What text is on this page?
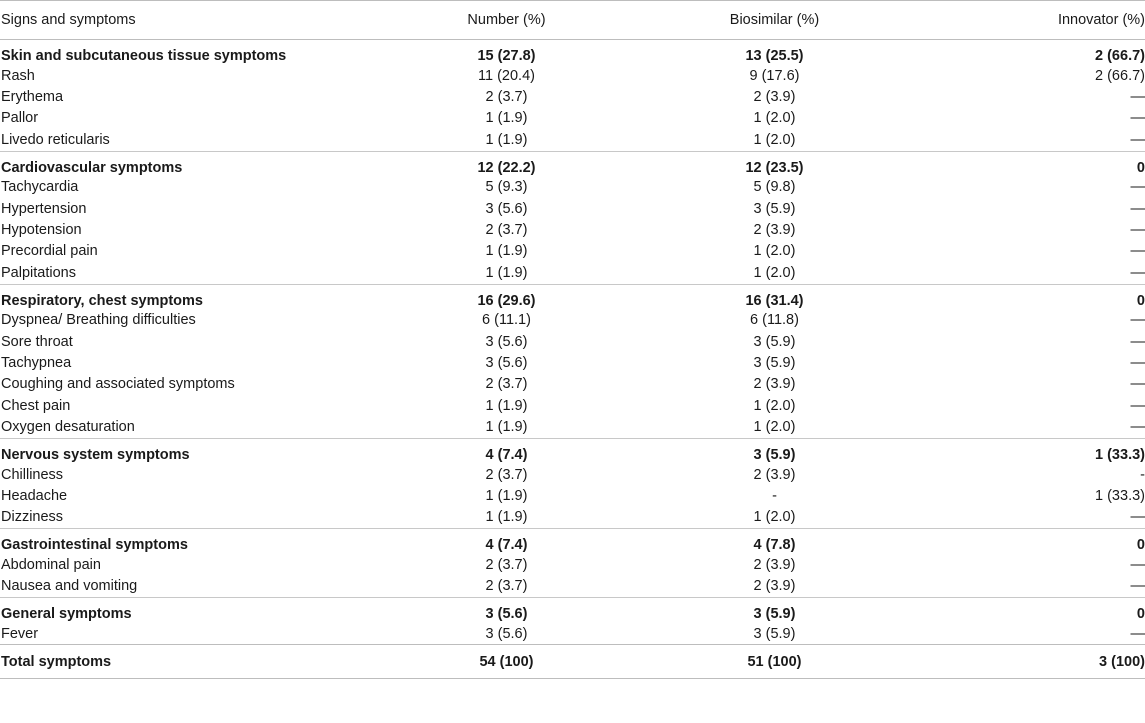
Signs and symptoms	Number (%)	Biosimilar (%)	Innovator (%)
Skin and subcutaneous tissue symptoms	15 (27.8)	13 (25.5)	2 (66.7)
Rash	11 (20.4)	9 (17.6)	2 (66.7)
Erythema	2 (3.7)	2 (3.9)	—
Pallor	1 (1.9)	1 (2.0)	—
Livedo reticularis	1 (1.9)	1 (2.0)	—
Cardiovascular symptoms	12 (22.2)	12 (23.5)	0
Tachycardia	5 (9.3)	5 (9.8)	—
Hypertension	3 (5.6)	3 (5.9)	—
Hypotension	2 (3.7)	2 (3.9)	—
Precordial pain	1 (1.9)	1 (2.0)	—
Palpitations	1 (1.9)	1 (2.0)	—
Respiratory, chest symptoms	16 (29.6)	16 (31.4)	0
Dyspnea/ Breathing difficulties	6 (11.1)	6 (11.8)	—
Sore throat	3 (5.6)	3 (5.9)	—
Tachypnea	3 (5.6)	3 (5.9)	—
Coughing and associated symptoms	2 (3.7)	2 (3.9)	—
Chest pain	1 (1.9)	1 (2.0)	—
Oxygen desaturation	1 (1.9)	1 (2.0)	—
Nervous system symptoms	4 (7.4)	3 (5.9)	1 (33.3)
Chilliness	2 (3.7)	2 (3.9)	-
Headache	1 (1.9)	-	1 (33.3)
Dizziness	1 (1.9)	1 (2.0)	—
Gastrointestinal symptoms	4 (7.4)	4 (7.8)	0
Abdominal pain	2 (3.7)	2 (3.9)	—
Nausea and vomiting	2 (3.7)	2 (3.9)	—
General symptoms	3 (5.6)	3 (5.9)	0
Fever	3 (5.6)	3 (5.9)	—
Total symptoms	54 (100)	51 (100)	3 (100)
